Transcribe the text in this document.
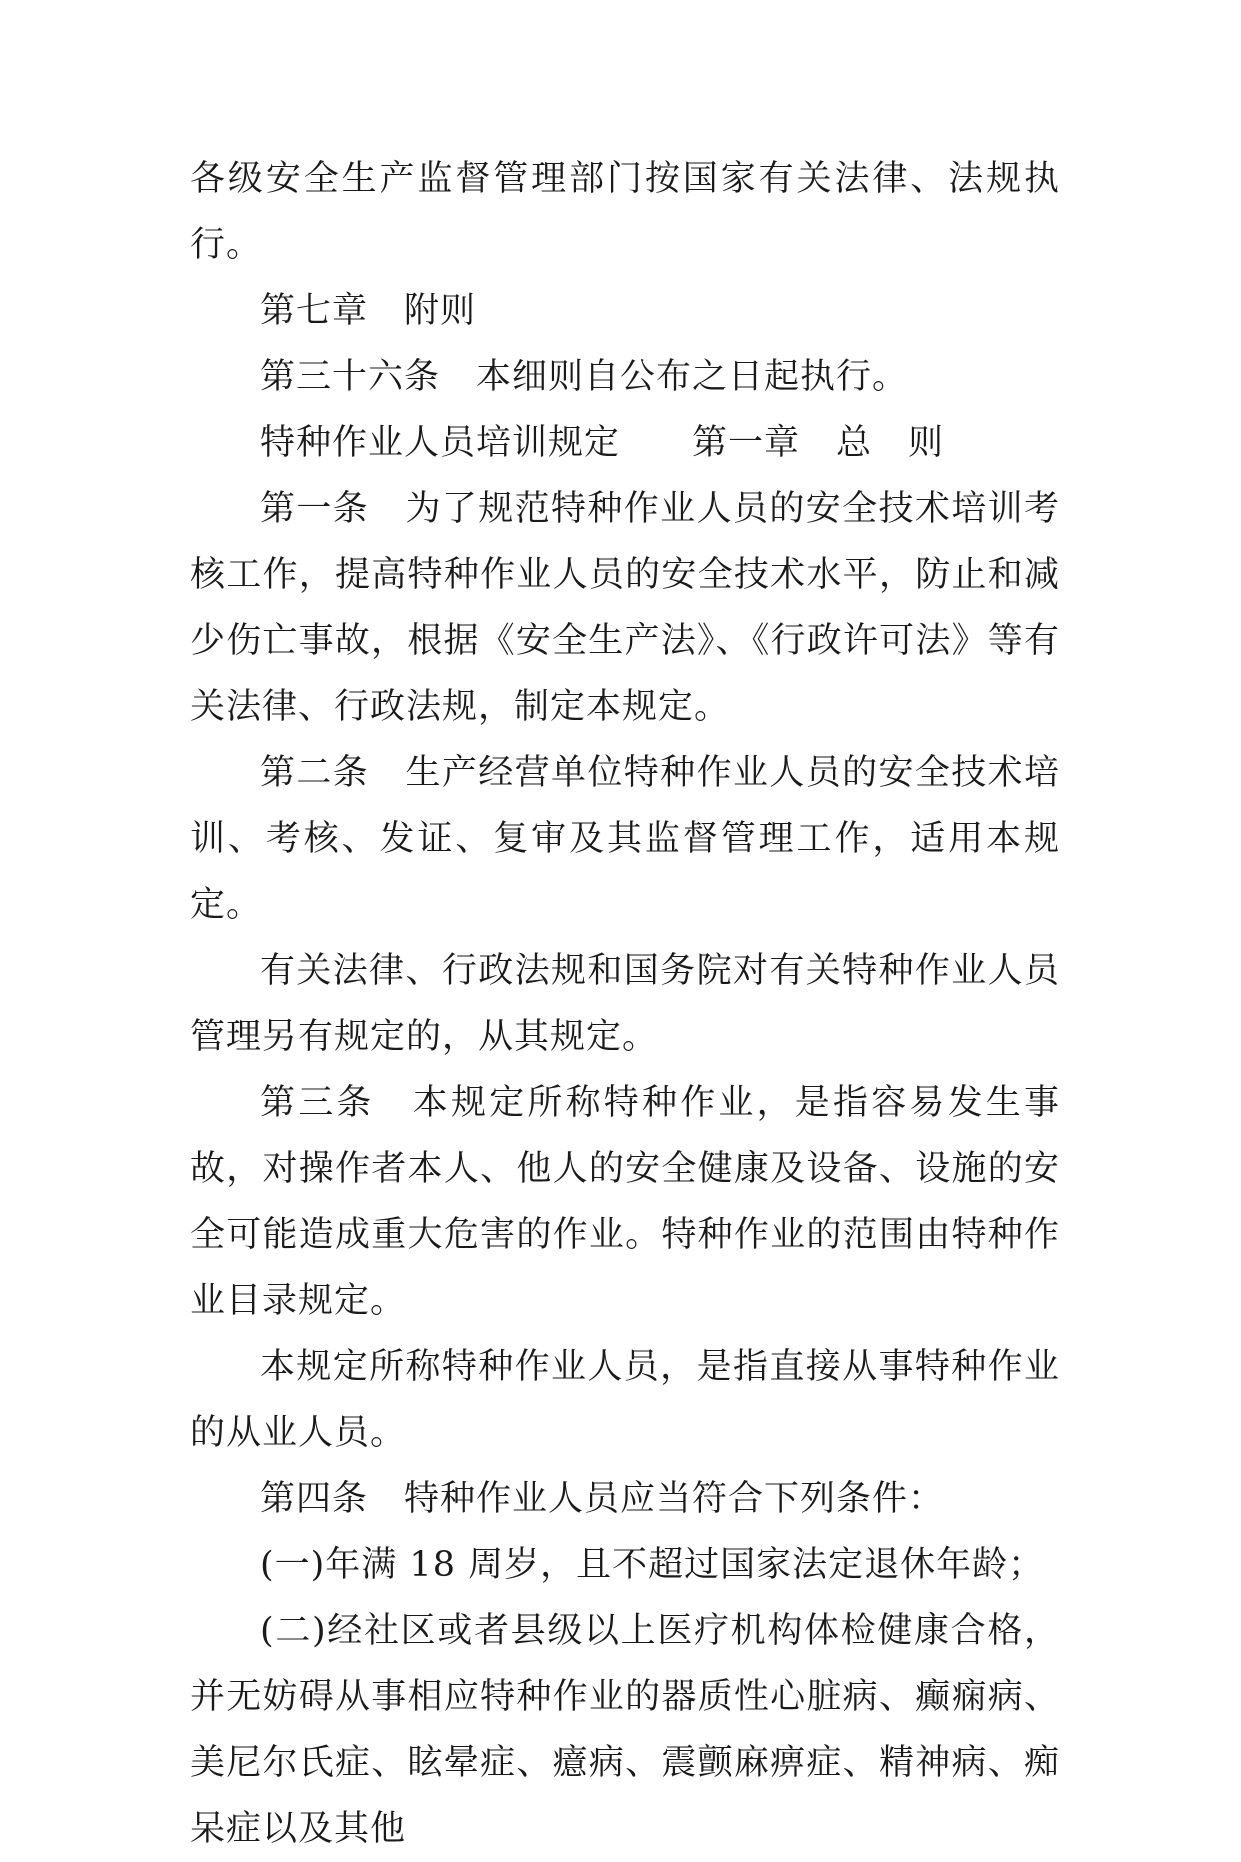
各级安全生产监督管理部门按国家有关法律、法规执行。

第七章　附则

第三十六条　本细则自公布之日起执行。

特种作业人员培训规定　　第一章　总　则

第一条　为了规范特种作业人员的安全技术培训考核工作，提高特种作业人员的安全技术水平，防止和减少伤亡事故，根据《安全生产法》、《行政许可法》等有关法律、行政法规，制定本规定。

第二条　生产经营单位特种作业人员的安全技术培训、考核、发证、复审及其监督管理工作，适用本规定。

有关法律、行政法规和国务院对有关特种作业人员管理另有规定的，从其规定。

第三条　本规定所称特种作业，是指容易发生事故，对操作者本人、他人的安全健康及设备、设施的安全可能造成重大危害的作业。特种作业的范围由特种作业目录规定。

本规定所称特种作业人员，是指直接从事特种作业的从业人员。

第四条　特种作业人员应当符合下列条件：

(一)年满 18 周岁，且不超过国家法定退休年龄；

(二)经社区或者县级以上医疗机构体检健康合格，并无妨碍从事相应特种作业的器质性心脏病、癫痫病、美尼尔氏症、眩晕症、癔病、震颤麻痹症、精神病、痴呆症以及其他
